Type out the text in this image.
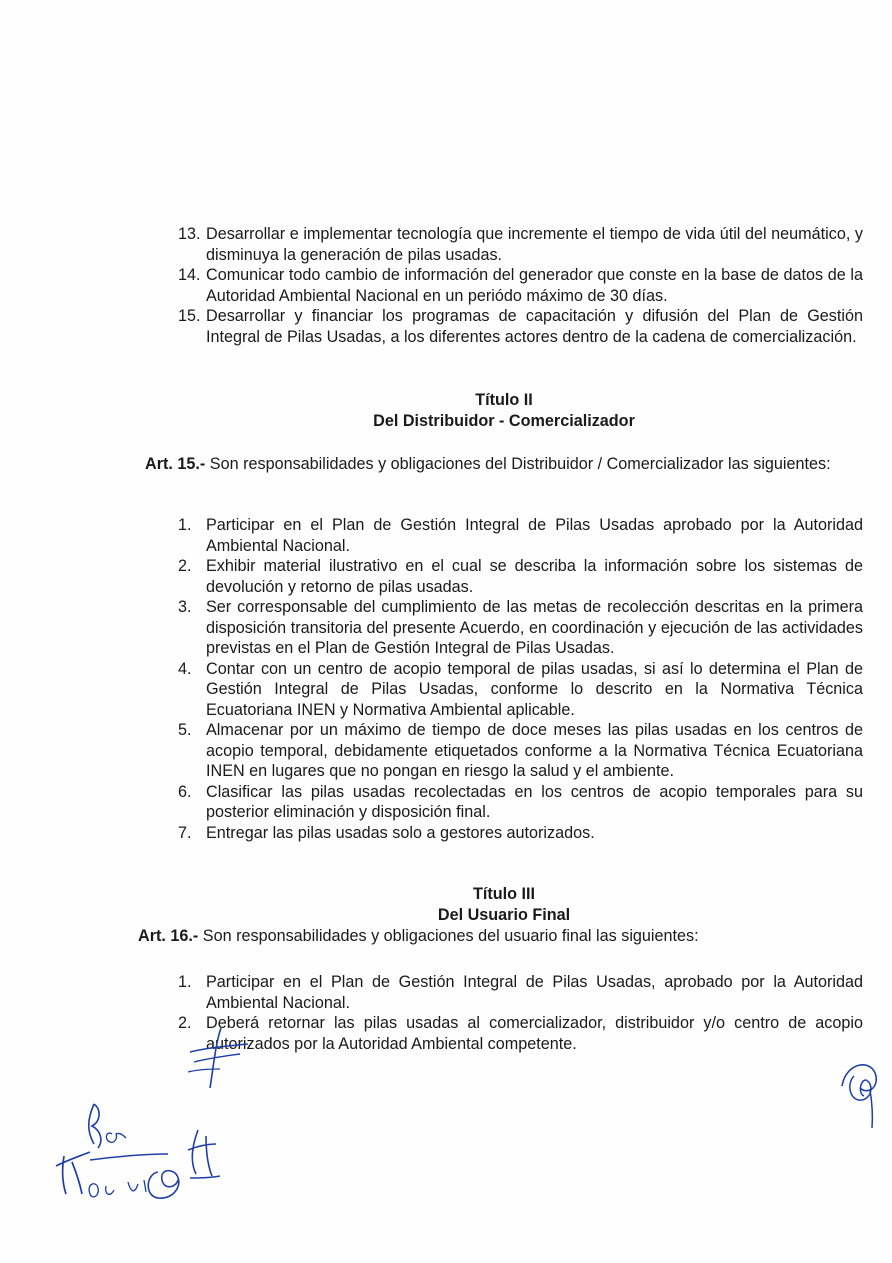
13. Desarrollar e implementar tecnología que incremente el tiempo de vida útil del neumático, y disminuya la generación de pilas usadas.
14. Comunicar todo cambio de información del generador que conste en la base de datos de la Autoridad Ambiental Nacional en un periódo máximo de 30 días.
15. Desarrollar y financiar los programas de capacitación y difusión del Plan de Gestión Integral de Pilas Usadas, a los diferentes actores dentro de la cadena de comercialización.
Título II
Del Distribuidor - Comercializador
Art. 15.- Son responsabilidades y obligaciones del Distribuidor / Comercializador las siguientes:
1. Participar en el Plan de Gestión Integral de Pilas Usadas aprobado por la Autoridad Ambiental Nacional.
2. Exhibir material ilustrativo en el cual se describa la información sobre los sistemas de devolución y retorno de pilas usadas.
3. Ser corresponsable del cumplimiento de las metas de recolección descritas en la primera disposición transitoria del presente Acuerdo, en coordinación y ejecución de las actividades previstas en el Plan de Gestión Integral de Pilas Usadas.
4. Contar con un centro de acopio temporal de pilas usadas, si así lo determina el Plan de Gestión Integral de Pilas Usadas, conforme lo descrito en la Normativa Técnica Ecuatoriana INEN y Normativa Ambiental aplicable.
5. Almacenar por un máximo de tiempo de doce meses las pilas usadas en los centros de acopio temporal, debidamente etiquetados conforme a la Normativa Técnica Ecuatoriana INEN en lugares que no pongan en riesgo la salud y el ambiente.
6. Clasificar las pilas usadas recolectadas en los centros de acopio temporales para su posterior eliminación y disposición final.
7. Entregar las pilas usadas solo a gestores autorizados.
Título III
Del Usuario Final
Art. 16.- Son responsabilidades y obligaciones del usuario final las siguientes:
1. Participar en el Plan de Gestión Integral de Pilas Usadas, aprobado por la Autoridad Ambiental Nacional.
2. Deberá retornar las pilas usadas al comercializador, distribuidor y/o centro de acopio autorizados por la Autoridad Ambiental competente.
